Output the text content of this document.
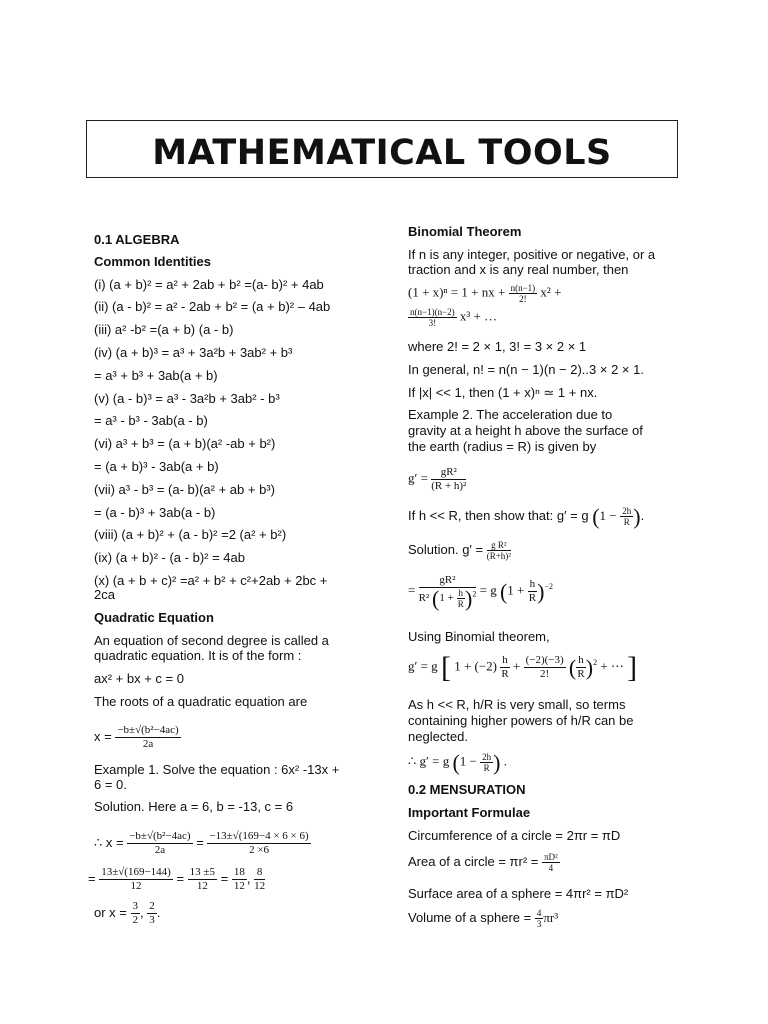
MATHEMATICAL TOOLS
0.1 ALGEBRA
Common Identities
(i) (a + b)² = a² + 2ab + b² =(a- b)² + 4ab
(ii) (a - b)² = a² - 2ab + b² = (a + b)² – 4ab
(iii) a² -b² =(a + b) (a - b)
(iv) (a + b)³ = a³ + 3a²b + 3ab² + b³
= a³ + b³ + 3ab(a + b)
(v) (a - b)³ = a³ - 3a²b + 3ab² - b³
= a³ - b³ - 3ab(a - b)
(vi) a³ + b³ = (a + b)(a² -ab + b²)
= (a + b)³ - 3ab(a + b)
(vii) a³ - b³ = (a- b)(a² + ab + b³)
= (a - b)³ + 3ab(a - b)
(viii) (a + b)² + (a - b)² =2 (a² + b²)
(ix) (a + b)² - (a - b)² = 4ab
(x) (a + b + c)² =a² + b² + c²+2ab + 2bc +
2ca
Quadratic Equation
An equation of second degree is called a
quadratic equation. It is of the form :
ax² + bx + c = 0
The roots of a quadratic equation are
$x = \frac{\text{−b±√(b²−4ac)}}{2a}$
Example 1. Solve the equation : 6x² -13x +
6 = 0.
Solution. Here a = 6, b = -13, c = 6
∴ $x = \frac{\text{−b±√(b²−4ac)}}{2a} = \frac{-13\pm√(169-4 \times 6 \times 6)}{2 \times 6}$
= $\frac{13\pm√(169-144)}{12} = \frac{13 \pm 5}{12} = \frac{18}{12}$ , $\frac{8}{12}$
or $x = \frac{3}{2}$ , $\frac{2}{3}$ .
Binomial Theorem
If n is any integer, positive or negative, or a
traction and x is any real number, then
(1 + x)ⁿ = 1 + nx + $\frac{n(n-1)}{2!} x^2$ +
$\frac{n(n-1)(n-2)}{3!} x^3$ + …
where 2! = 2 × 1, 3! = 3 × 2 × 1
In general, n! = n(n − 1)(n − 2)..3 × 2 × 1.
If |x| << 1, then (1 + x)ⁿ ≃ 1 + nx.
Example 2. The acceleration due to
gravity at a height h above the surface of
the earth (radius = R) is given by
$g' = \frac{\text{gR²}}{\text{(R + h)²}}$
If h << R, then show that: g′ = g ($1 - \frac{2h}{R}$ ).
Solution. $g' = \frac{\text{g R²}}{\text{(R+h)²}}$
= $\frac{\text{gR²}}{R^2 (1 + \frac{h}{R} )^2} = g$ $(1 + \frac{h}{R} )^{-2}$
Using Binomial theorem,
g′ = g [ $1 + (-2) \frac{h}{R} + \frac{(-2)(-3)}{2!}$ ( $\frac{h}{R} )^2$ + ⋯ ]
As h << R, h/R is very small, so terms
containing higher powers of h/R can be
neglected.
∴ g′ = g ($1 - \frac{2h}{R}$ ) .
0.2 MENSURATION
Important Formulae
Circumference of a circle = 2πr = πD
Area of a circle = $\pi r^2 = \frac{\text{πD²}}{4}$
Surface area of a sphere = 4πr² = πD²
Volume of a sphere = $\frac{4}{3} \pi r^3$
